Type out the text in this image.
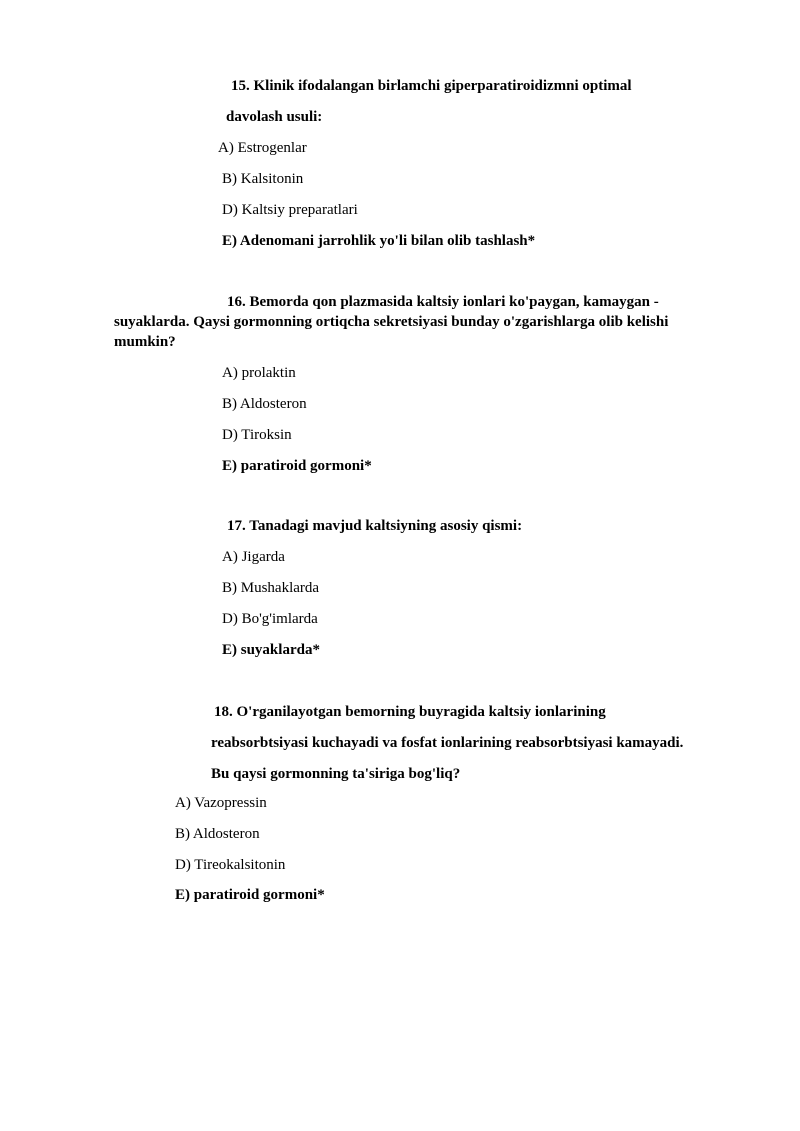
15. Klinik ifodalangan birlamchi giperparatiroidizmni optimal
davolash usuli:
A) Estrogenlar
B) Kalsitonin
D) Kaltsiy preparatlari
E) Adenomani jarrohlik yo'li bilan olib tashlash*
16. Bemorda qon plazmasida kaltsiy ionlari ko'paygan, kamaygan - suyaklarda. Qaysi gormonning ortiqcha sekretsiyasi bunday o'zgarishlarga olib kelishi mumkin?
A) prolaktin
B) Aldosteron
D) Tiroksin
E) paratiroid gormoni*
17. Tanadagi mavjud kaltsiyning asosiy qismi:
A) Jigarda
B) Mushaklarda
D) Bo'g'imlarda
E) suyaklarda*
18. O'rganilayotgan bemorning buyragida kaltsiy ionlarining
reabsorbtsiyasi kuchayadi va fosfat ionlarining reabsorbtsiyasi kamayadi.
Bu qaysi gormonning ta'siriga bog'liq?
A) Vazopressin
B) Aldosteron
D) Tireokalsitonin
E) paratiroid gormoni*
